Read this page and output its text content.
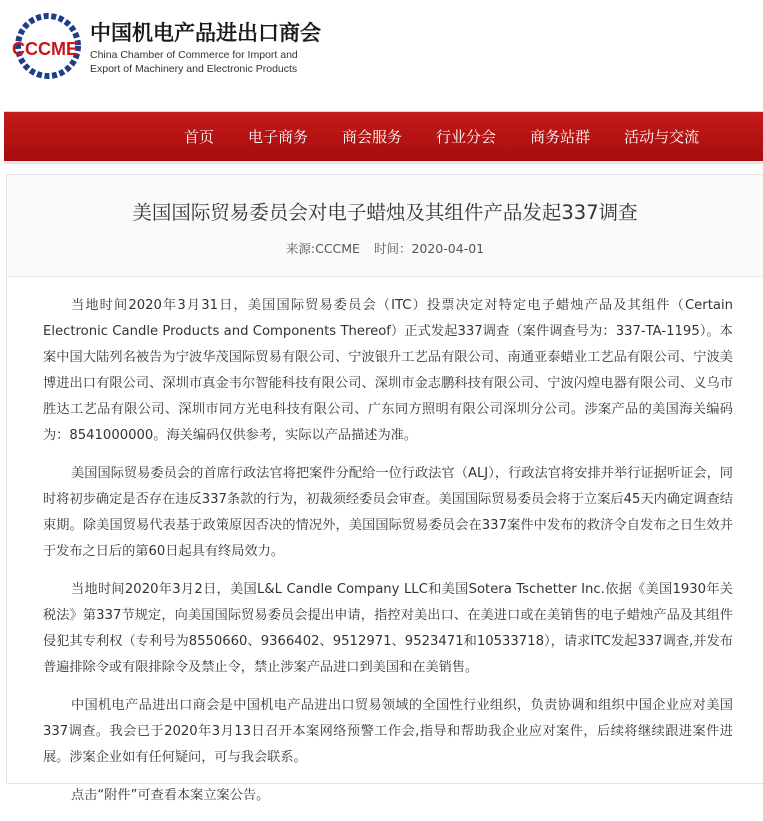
CCCME
中国机电产品进出口商会
China Chamber of Commerce for Import and
Export of Machinery and Electronic Products
首页	电子商务	商会服务	行业分会	商务站群	活动与交流
美国国际贸易委员会对电子蜡烛及其组件产品发起337调查
来源:CCCME 时间：2020-04-01

当地时间2020年3月31日，美国国际贸易委员会（ITC）投票决定对特定电子蜡烛产品及其组件（Certain Electronic Candle Products and Components Thereof）正式发起337调查（案件调查号为：337-TA-1195）。本案中国大陆列名被告为宁波华茂国际贸易有限公司、宁波银升工艺品有限公司、南通亚泰蜡业工艺品有限公司、宁波美博进出口有限公司、深圳市真金韦尔智能科技有限公司、深圳市金志鹏科技有限公司、宁波闪煌电器有限公司、义乌市胜达工艺品有限公司、深圳市同方光电科技有限公司、广东同方照明有限公司深圳分公司。涉案产品的美国海关编码为：8541000000。海关编码仅供参考，实际以产品描述为准。

美国国际贸易委员会的首席行政法官将把案件分配给一位行政法官（ALJ），行政法官将安排并举行证据听证会，同时将初步确定是否存在违反337条款的行为，初裁须经委员会审查。美国国际贸易委员会将于立案后45天内确定调查结束期。除美国贸易代表基于政策原因否决的情况外，美国国际贸易委员会在337案件中发布的救济令自发布之日生效并于发布之日后的第60日起具有终局效力。

当地时间2020年3月2日，美国L&L Candle Company LLC和美国Sotera Tschetter Inc.依据《美国1930年关税法》第337节规定，向美国国际贸易委员会提出申请，指控对美出口、在美进口或在美销售的电子蜡烛产品及其组件侵犯其专利权（专利号为8550660、9366402、9512971、9523471和10533718），请求ITC发起337调查,并发布普遍排除令或有限排除令及禁止令，禁止涉案产品进口到美国和在美销售。

中国机电产品进出口商会是中国机电产品进出口贸易领域的全国性行业组织，负责协调和组织中国企业应对美国337调查。我会已于2020年3月13日召开本案网络预警工作会,指导和帮助我企业应对案件，后续将继续跟进案件进展。涉案企业如有任何疑问，可与我会联系。

点击“附件”可查看本案立案公告。
